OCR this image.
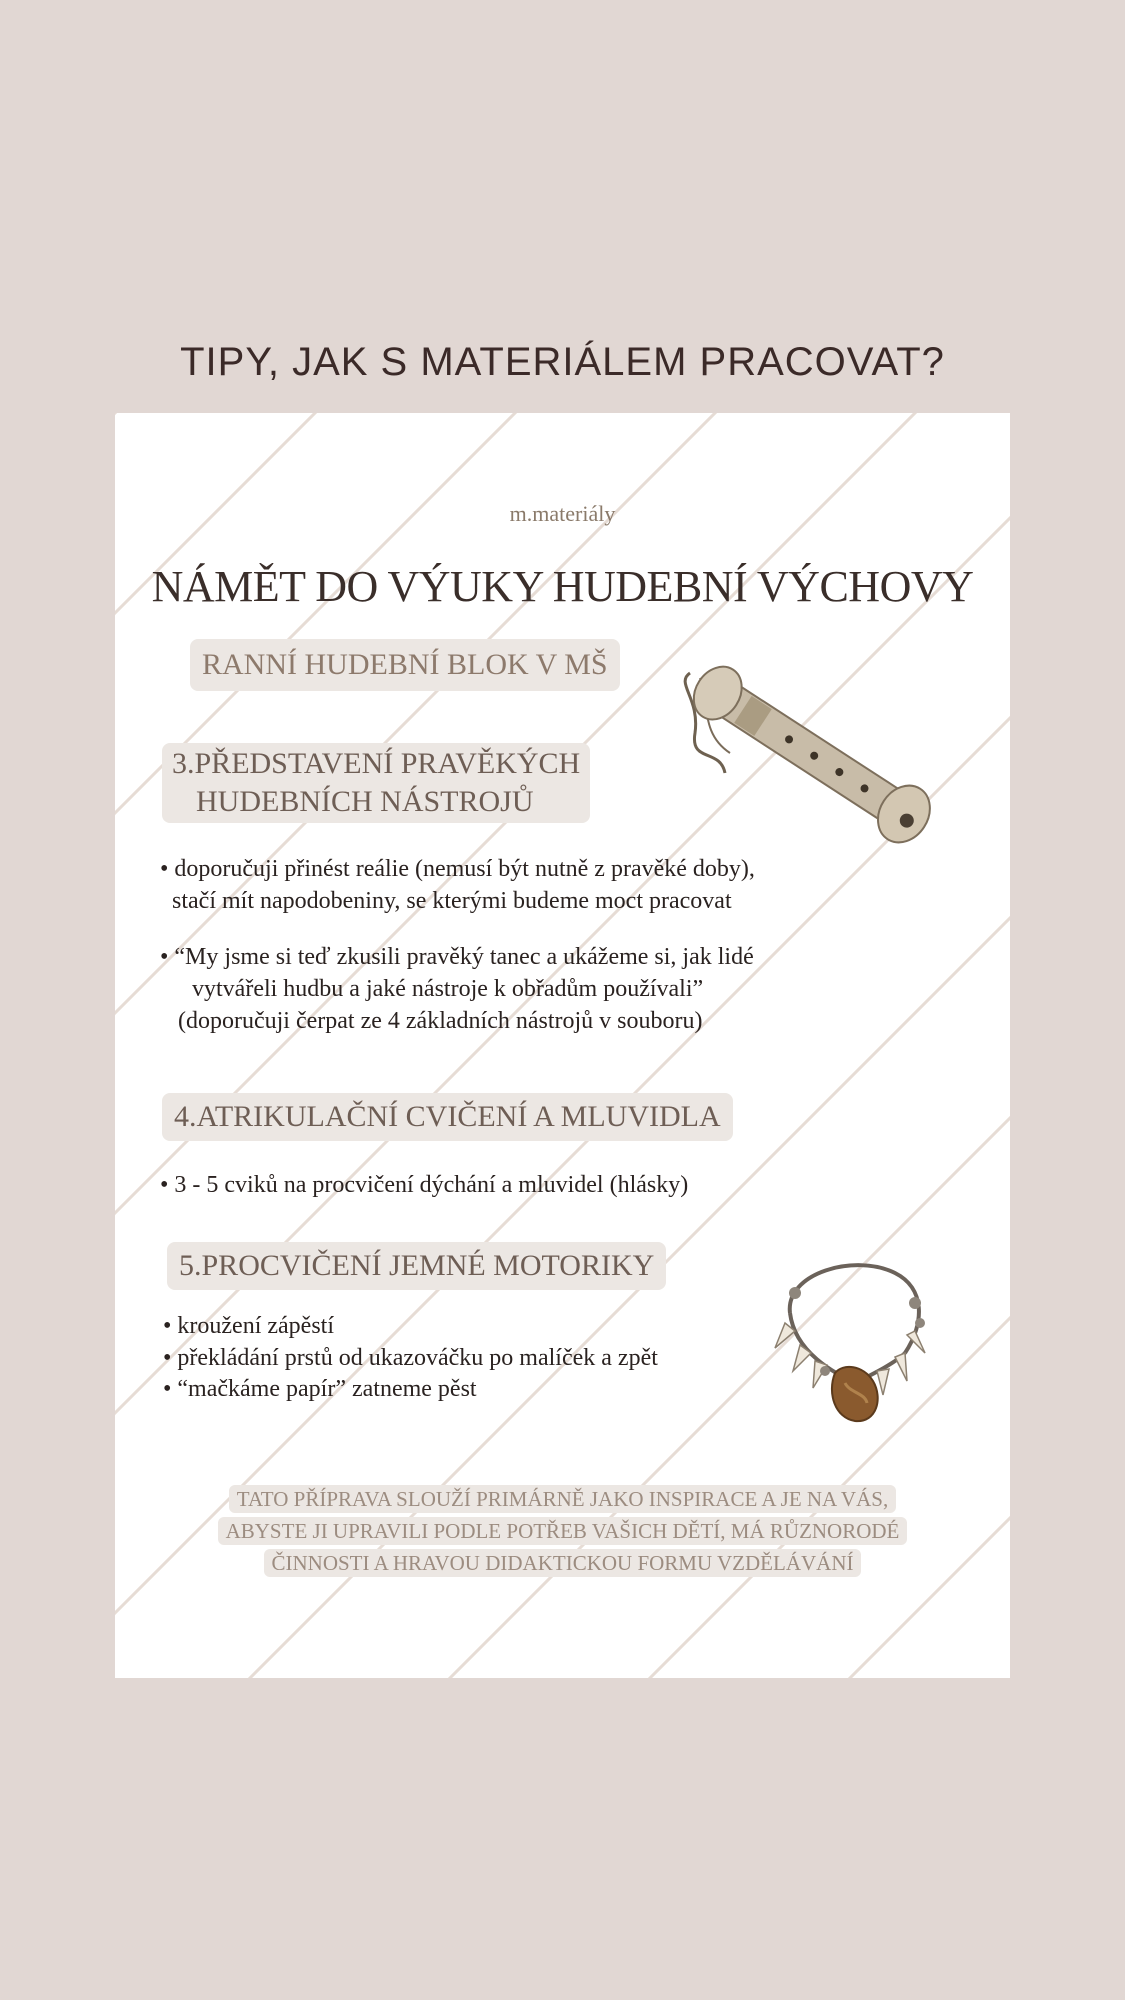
TIPY, JAK S MATERIÁLEM PRACOVAT?
m.materiály
NÁMĚT DO VÝUKY HUDEBNÍ VÝCHOVY
RANNÍ HUDEBNÍ BLOK V MŠ
3.PŘEDSTAVENÍ PRAVĚKÝCH
HUDEBNÍCH NÁSTROJŮ
• doporučuji přinést reálie (nemusí být nutně z pravěké doby),
stačí mít napodobeniny, se kterými budeme moct pracovat
• “My jsme si teď zkusili pravěký tanec a ukážeme si, jak lidé
vytvářeli hudbu a jaké nástroje k obřadům používali”
(doporučuji čerpat ze 4 základních nástrojů v souboru)
4.ATRIKULAČNÍ CVIČENÍ A MLUVIDLA
• 3 - 5 cviků na procvičení dýchání a mluvidel (hlásky)
5.PROCVIČENÍ JEMNÉ MOTORIKY
• kroužení zápěstí
• překládání prstů od ukazováčku po malíček a zpět
• “mačkáme papír” zatneme pěst
TATO PŘÍPRAVA SLOUŽÍ PRIMÁRNĚ JAKO INSPIRACE A JE NA VÁS,
ABYSTE JI UPRAVILI PODLE POTŘEB VAŠICH DĚTÍ, MÁ RŮZNORODÉ
ČINNOSTI A HRAVOU DIDAKTICKOU FORMU VZDĚLÁVÁNÍ
